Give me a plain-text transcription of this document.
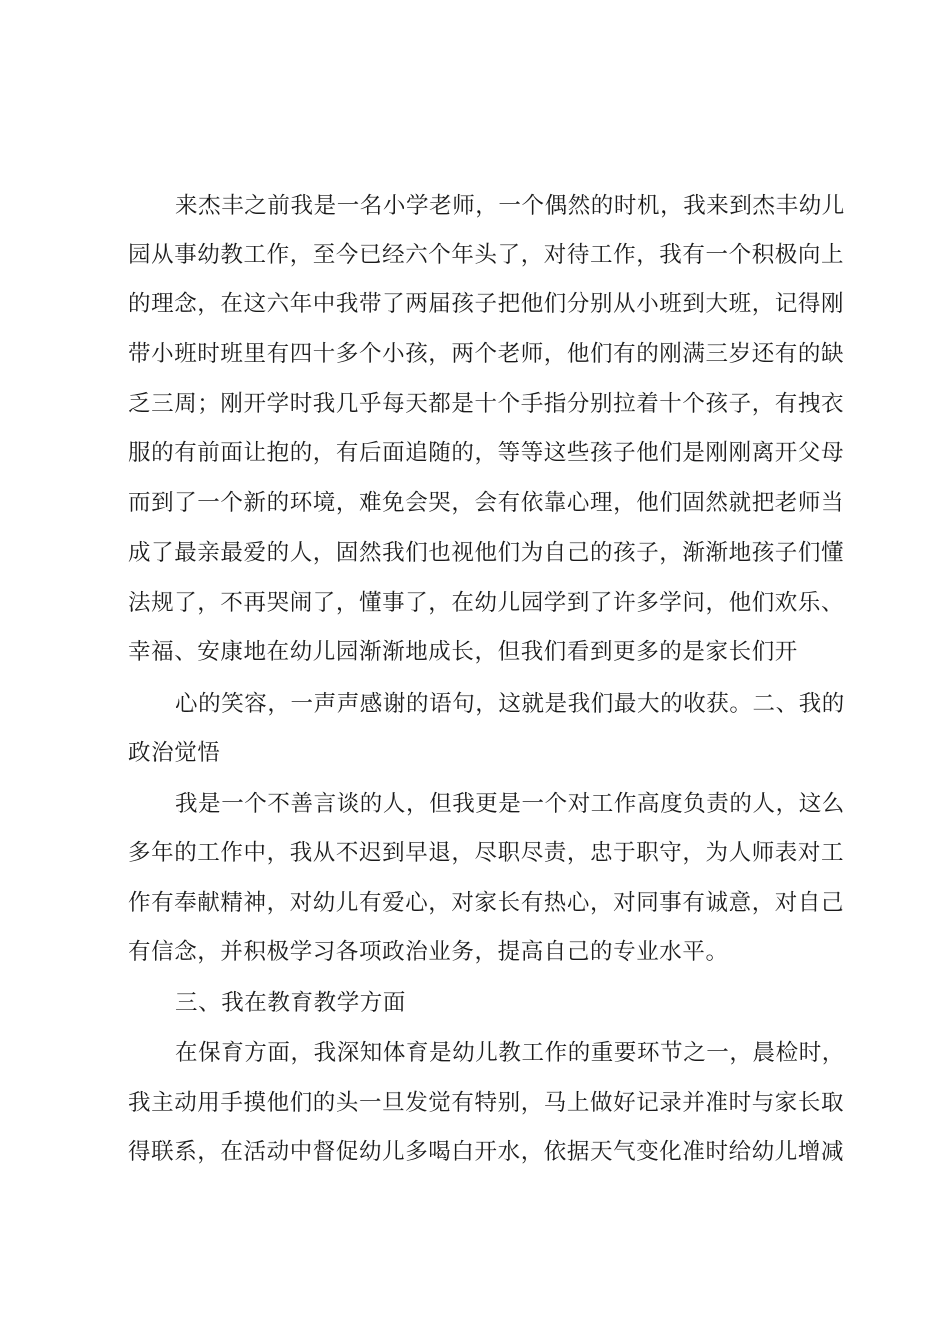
来杰丰之前我是一名小学老师，一个偶然的时机，我来到杰丰幼儿
园从事幼教工作，至今已经六个年头了，对待工作，我有一个积极向上
的理念，在这六年中我带了两届孩子把他们分别从小班到大班，记得刚
带小班时班里有四十多个小孩，两个老师，他们有的刚满三岁还有的缺
乏三周；刚开学时我几乎每天都是十个手指分别拉着十个孩子，有拽衣
服的有前面让抱的，有后面追随的，等等这些孩子他们是刚刚离开父母
而到了一个新的环境，难免会哭，会有依靠心理，他们固然就把老师当
成了最亲最爱的人，固然我们也视他们为自己的孩子，渐渐地孩子们懂
法规了，不再哭闹了，懂事了，在幼儿园学到了许多学问，他们欢乐、
幸福、安康地在幼儿园渐渐地成长，但我们看到更多的是家长们开
心的笑容，一声声感谢的语句，这就是我们最大的收获。二、我的
政治觉悟
我是一个不善言谈的人，但我更是一个对工作高度负责的人，这么
多年的工作中，我从不迟到早退，尽职尽责，忠于职守，为人师表对工
作有奉献精神，对幼儿有爱心，对家长有热心，对同事有诚意，对自己
有信念，并积极学习各项政治业务，提高自己的专业水平。
三、我在教育教学方面
在保育方面，我深知体育是幼儿教工作的重要环节之一，晨检时，
我主动用手摸他们的头一旦发觉有特别，马上做好记录并准时与家长取
得联系，在活动中督促幼儿多喝白开水，依据天气变化准时给幼儿增减
